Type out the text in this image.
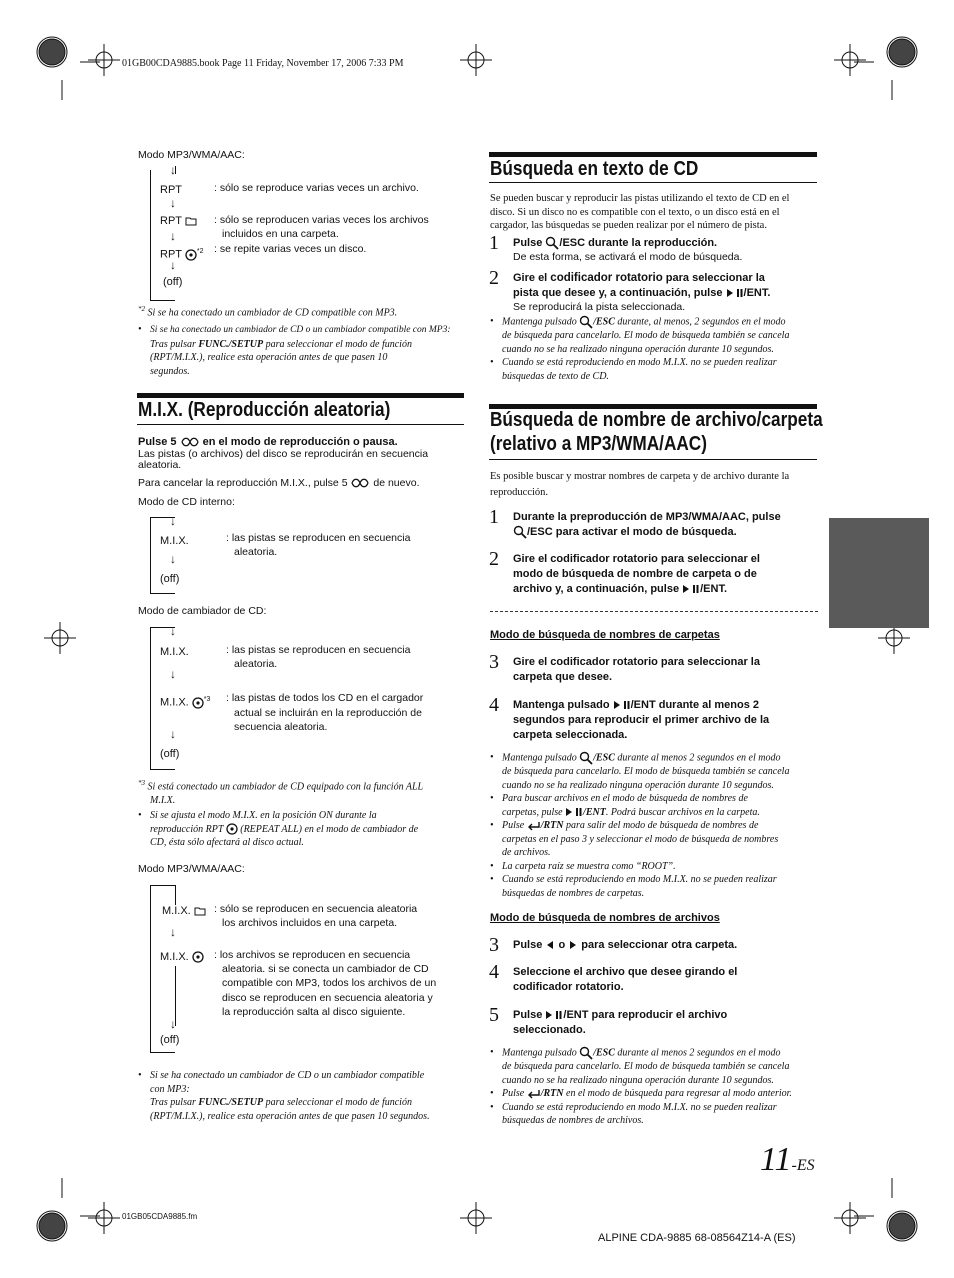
01GB00CDA9885.book Page 11 Friday, November 17, 2006 7:33 PM
01GB05CDA9885.fm
ALPINE CDA-9885 68-08564Z14-A (ES)
11-ES
Modo MP3/WMA/AAC:
↓
RPT	: sólo se reproduce varias veces un archivo.
↓
RPT	: sólo se reproducen varias veces los archivos
incluidos en una carpeta.
↓
RPT $^{*2}$ : se repite varias veces un disco.
↓
(off)
$^{*2}$ Si se ha conectado un cambiador de CD compatible con MP3.
• Si se ha conectado un cambiador de CD o un cambiador compatible con MP3:
Tras pulsar FUNC./SETUP para seleccionar el modo de función
(RPT/M.I.X.), realice esta operación antes de que pasen 10
segundos.
M.I.X. (Reproducción aleatoria)
Pulse 5  en el modo de reproducción o pausa.
Las pistas (o archivos) del disco se reproducirán en secuencia
aleatoria.
Para cancelar la reproducción M.I.X., pulse 5  de nuevo.
Modo de CD interno:
↓
M.I.X.	: las pistas se reproducen en secuencia
aleatoria.
↓
(off)
Modo de cambiador de CD:
↓
M.I.X.	: las pistas se reproducen en secuencia
aleatoria.
↓
M.I.X. $^{*3}$ : las pistas de todos los CD en el cargador
actual se incluirán en la reproducción de
secuencia aleatoria.
↓
(off)
$^{*3}$ Si está conectado un cambiador de CD equipado con la función ALL
M.I.X.
• Si se ajusta el modo M.I.X. en la posición ON durante la
reproducción RPT  (REPEAT ALL) en el modo de cambiador de
CD, ésta sólo afectará al disco actual.
Modo MP3/WMA/AAC:
M.I.X.	: sólo se reproducen en secuencia aleatoria
los archivos incluidos en una carpeta.
↓
M.I.X.	: los archivos se reproducen en secuencia
aleatoria. si se conecta un cambiador de CD
compatible con MP3, todos los archivos de un
disco se reproducen en secuencia aleatoria y
la reproducción salta al disco siguiente.
↓
(off)
• Si se ha conectado un cambiador de CD o un cambiador compatible
con MP3:
Tras pulsar FUNC./SETUP para seleccionar el modo de función
(RPT/M.I.X.), realice esta operación antes de que pasen 10 segundos.
Búsqueda en texto de CD
Se pueden buscar y reproducir las pistas utilizando el texto de CD en el
disco. Si un disco no es compatible con el texto, o un disco está en el
cargador, las búsquedas se pueden realizar por el número de pista.
1 Pulse /ESC durante la reproducción.
De esta forma, se activará el modo de búsqueda.
2 Gire el codificador rotatorio para seleccionar la
pista que desee y, a continuación, pulse /ENT.
Se reproducirá la pista seleccionada.
• Mantenga pulsado /ESC durante, al menos, 2 segundos en el modo
de búsqueda para cancelarlo. El modo de búsqueda también se cancela
cuando no se ha realizado ninguna operación durante 10 segundos.
• Cuando se está reproduciendo en modo M.I.X. no se pueden realizar
búsquedas de texto de CD.
Búsqueda de nombre de archivo/carpeta
(relativo a MP3/WMA/AAC)
Es posible buscar y mostrar nombres de carpeta y de archivo durante la
reproducción.
1 Durante la preproducción de MP3/WMA/AAC, pulse
/ESC para activar el modo de búsqueda.
2 Gire el codificador rotatorio para seleccionar el
modo de búsqueda de nombre de carpeta o de
archivo y, a continuación, pulse /ENT.
Modo de búsqueda de nombres de carpetas
3 Gire el codificador rotatorio para seleccionar la
carpeta que desee.
4 Mantenga pulsado /ENT durante al menos 2
segundos para reproducir el primer archivo de la
carpeta seleccionada.
• Mantenga pulsado /ESC durante al menos 2 segundos en el modo
de búsqueda para cancelarlo. El modo de búsqueda también se cancela
cuando no se ha realizado ninguna operación durante 10 segundos.
• Para buscar archivos en el modo de búsqueda de nombres de
carpetas, pulse /ENT. Podrá buscar archivos en la carpeta.
• Pulse /RTN para salir del modo de búsqueda de nombres de
carpetas en el paso 3 y seleccionar el modo de búsqueda de nombres
de archivos.
• La carpeta raíz se muestra como “ROOT”.
• Cuando se está reproduciendo en modo M.I.X. no se pueden realizar
búsquedas de nombres de carpetas.
Modo de búsqueda de nombres de archivos
3 Pulse  o  para seleccionar otra carpeta.
4 Seleccione el archivo que desee girando el
codificador rotatorio.
5 Pulse /ENT para reproducir el archivo
seleccionado.
• Mantenga pulsado /ESC durante al menos 2 segundos en el modo
de búsqueda para cancelarlo. El modo de búsqueda también se cancela
cuando no se ha realizado ninguna operación durante 10 segundos.
• Pulse /RTN en el modo de búsqueda para regresar al modo anterior.
• Cuando se está reproduciendo en modo M.I.X. no se pueden realizar
búsquedas de nombres de archivos.
